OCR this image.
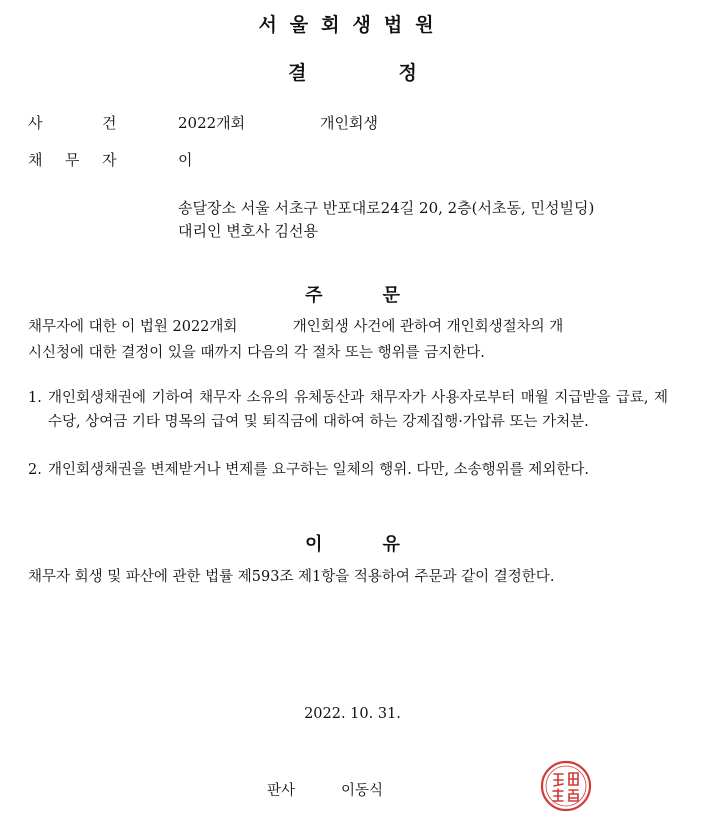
서울회생법원
결	정
사	건	2022개회	개인회생
채 무 자	이
송달장소 서울 서초구 반포대로24길 20, 2층(서초동, 민성빌딩)
대리인 변호사 김선용
주	문
채무자에 대한 이 법원 2022개회            개인회생 사건에 관하여 개인회생절차의 개
시신청에 대한 결정이 있을 때까지 다음의 각 절차 또는 행위를 금지한다.
1. 개인회생채권에 기하여 채무자 소유의 유체동산과 채무자가 사용자로부터 매월 지급받을 급료, 제수당, 상여금 기타 명목의 급여 및 퇴직금에 대하여 하는 강제집행·가압류 또는 가처분.
2. 개인회생채권을 변제받거나 변제를 요구하는 일체의 행위. 다만, 소송행위를 제외한다.
이	유
채무자 회생 및 파산에 관한 법률 제593조 제1항을 적용하여 주문과 같이 결정한다.
2022. 10. 31.
판사	이동식
